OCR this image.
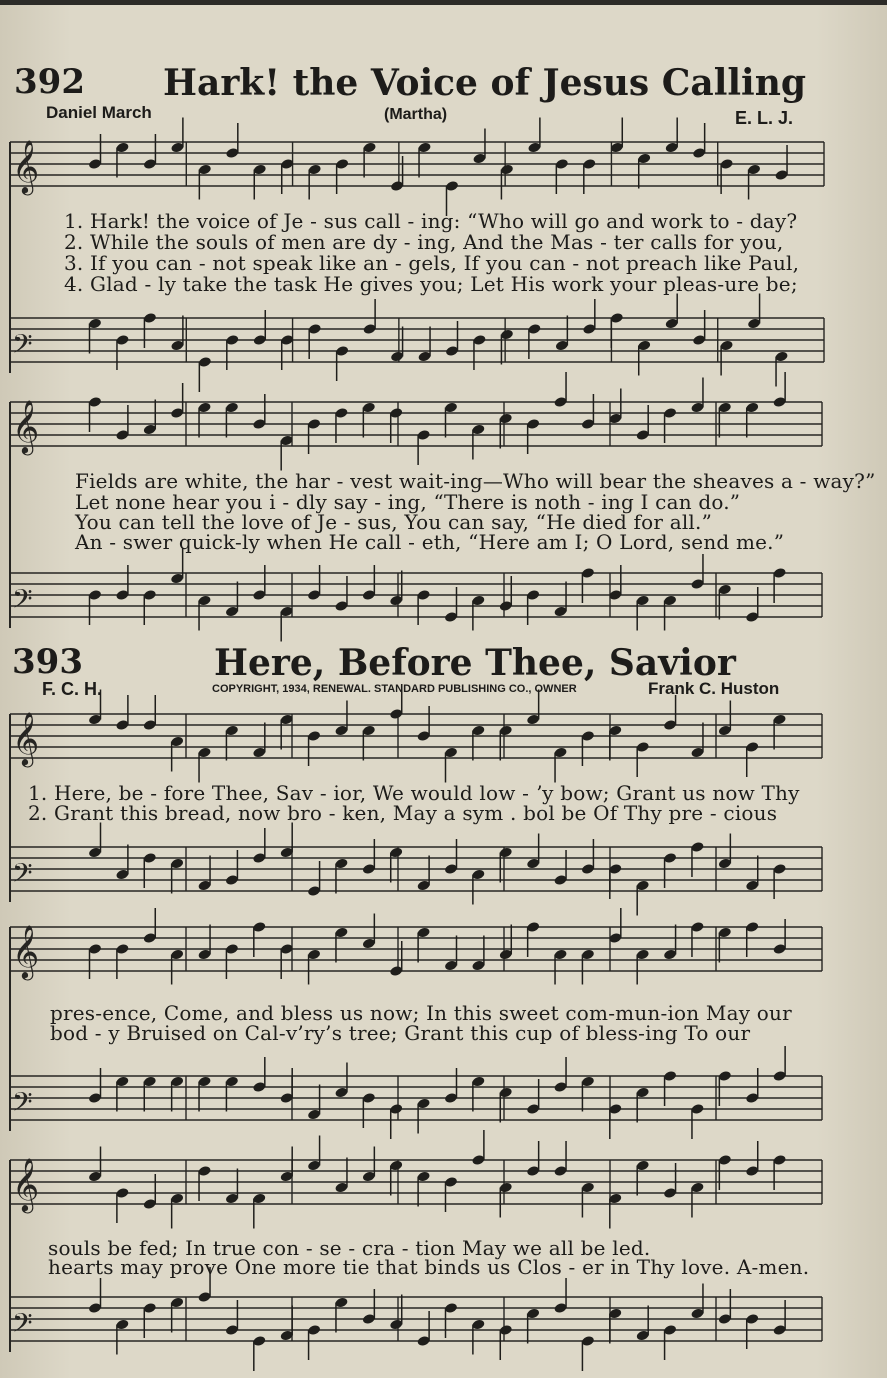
𝄞
𝄢
𝄞
𝄢
𝄞
𝄢
𝄞
𝄢
𝄞
𝄢
392 Hark! the Voice of Jesus Calling
Daniel March	(Martha)	E. L. J.
1. Hark! the voice of Je - sus call - ing: “Who will go and work to - day?
2. While the souls of men are dy - ing, And the Mas - ter calls for you,
3. If you can - not speak like an - gels, If you can - not preach like Paul,
4. Glad - ly take the task He gives you; Let His work your pleas-ure be;
Fields are white, the har - vest wait-ing—Who will bear the sheaves a - way?”
Let none hear you i - dly say - ing, “There is noth - ing I can do.”
You can tell the love of Je - sus, You can say, “He died for all.”
An - swer quick-ly when He call - eth, “Here am I; O Lord, send me.”
393	Here, Before Thee, Savior
F. C. H.	COPYRIGHT, 1934, RENEWAL. STANDARD PUBLISHING CO., OWNER	Frank C. Huston
1. Here, be - fore Thee, Sav - ior, We would low - ʼy bow; Grant us now Thy
2. Grant this bread, now bro - ken, May a sym . bol be Of Thy pre - cious
pres-ence, Come, and bless us now; In this sweet com-mun-ion May our
bod - y Bruised on Cal-v’ry’s tree; Grant this cup of bless-ing To our
souls be fed; In true con - se - cra - tion May we all be led.
hearts may prove One more tie that binds us Clos - er in Thy love. A-men.
